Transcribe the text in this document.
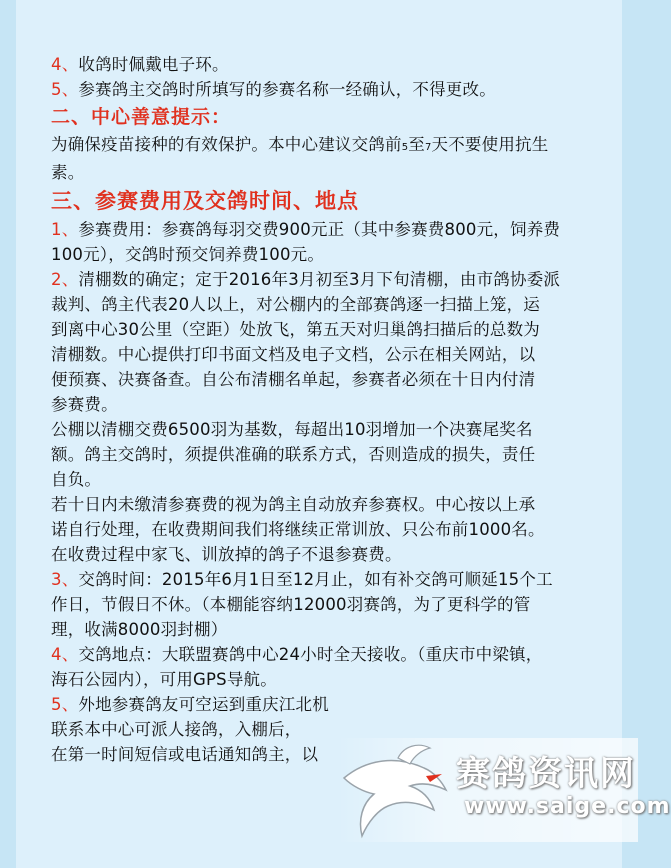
4、收鸽时佩戴电子环。
5、参赛鸽主交鸽时所填写的参赛名称一经确认，不得更改。
二、中心善意提示：
为确保疫苗接种的有效保护。本中心建议交鸽前5至7天不要使用抗生
素。
三、参赛费用及交鸽时间、地点
1、参赛费用：参赛鸽每羽交费900元正（其中参赛费800元，饲养费
100元），交鸽时预交饲养费100元。
2、清棚数的确定；定于2016年3月初至3月下旬清棚，由市鸽协委派
裁判、鸽主代表20人以上，对公棚内的全部赛鸽逐一扫描上笼，运
到离中心30公里（空距）处放飞，第五天对归巢鸽扫描后的总数为
清棚数。中心提供打印书面文档及电子文档，公示在相关网站，以
便预赛、决赛备查。自公布清棚名单起，参赛者必须在十日内付清
参赛费。
公棚以清棚交费6500羽为基数，每超出10羽增加一个决赛尾奖名
额。鸽主交鸽时，须提供准确的联系方式，否则造成的损失，责任
自负。
若十日内未缴清参赛费的视为鸽主自动放弃参赛权。中心按以上承
诺自行处理，在收费期间我们将继续正常训放、只公布前1000名。
在收费过程中家飞、训放掉的鸽子不退参赛费。
3、交鸽时间：2015年6月1日至12月止，如有补交鸽可顺延15个工
作日，节假日不休。（本棚能容纳12000羽赛鸽，为了更科学的管
理，收满8000羽封棚）
4、交鸽地点：大联盟赛鸽中心24小时全天接收。（重庆市中梁镇，
海石公园内），可用GPS导航。
5、外地参赛鸽友可空运到重庆江北机
联系本中心可派人接鸽，入棚后，
在第一时间短信或电话通知鸽主，以	赛鸽资讯网
www.saige.com
